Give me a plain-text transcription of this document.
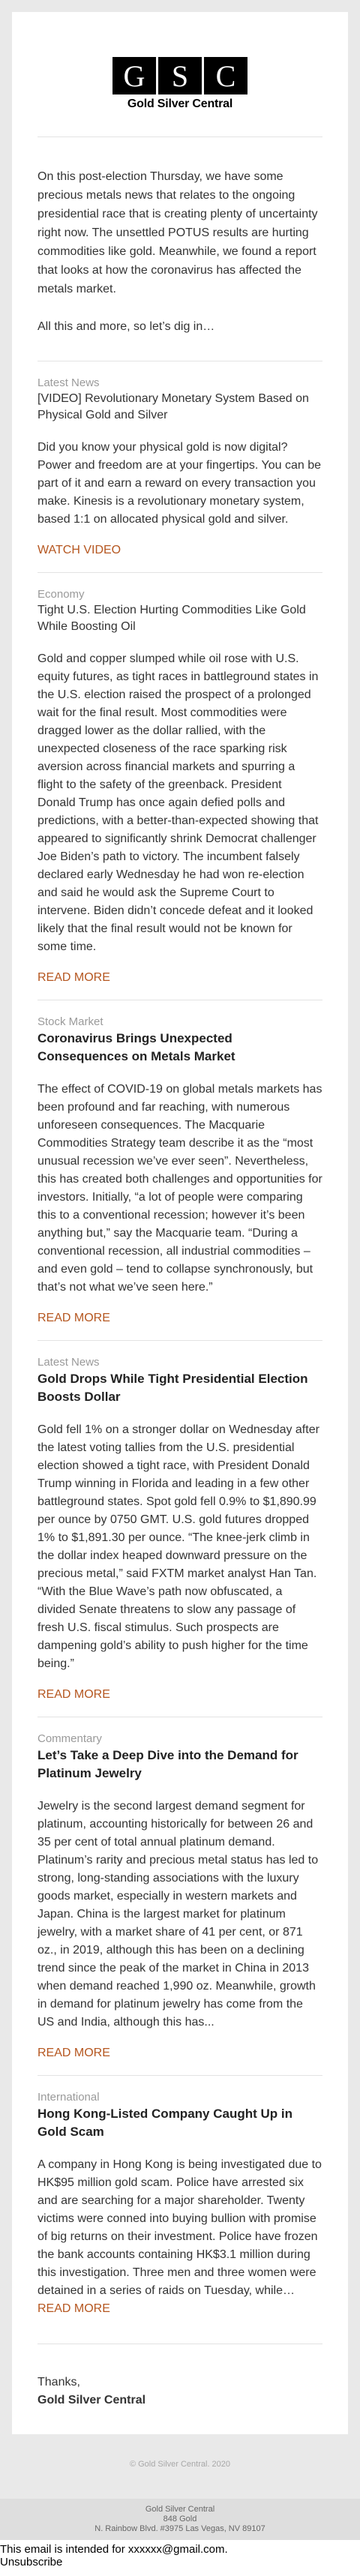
G S C
Gold Silver Central

On this post-election Thursday, we have some precious metals news that relates to the ongoing presidential race that is creating plenty of uncertainty right now. The unsettled POTUS results are hurting commodities like gold. Meanwhile, we found a report that looks at how the coronavirus has affected the metals market.

All this and more, so let’s dig in…

Latest News
[VIDEO] Revolutionary Monetary System Based on Physical Gold and Silver

Did you know your physical gold is now digital? Power and freedom are at your fingertips. You can be part of it and earn a reward on every transaction you make. Kinesis is a revolutionary monetary system, based 1:1 on allocated physical gold and silver.

WATCH VIDEO
Economy
Tight U.S. Election Hurting Commodities Like Gold While Boosting Oil

Gold and copper slumped while oil rose with U.S. equity futures, as tight races in battleground states in the U.S. election raised the prospect of a prolonged wait for the final result. Most commodities were dragged lower as the dollar rallied, with the unexpected closeness of the race sparking risk aversion across financial markets and spurring a flight to the safety of the greenback. President Donald Trump has once again defied polls and predictions, with a better-than-expected showing that appeared to significantly shrink Democrat challenger Joe Biden’s path to victory. The incumbent falsely declared early Wednesday he had won re-election and said he would ask the Supreme Court to intervene. Biden didn’t concede defeat and it looked likely that the final result would not be known for some time.

READ MORE
Stock Market
Coronavirus Brings Unexpected Consequences on Metals Market

The effect of COVID-19 on global metals markets has been profound and far reaching, with numerous unforeseen consequences. The Macquarie Commodities Strategy team describe it as the “most unusual recession we’ve ever seen”. Nevertheless, this has created both challenges and opportunities for investors. Initially, “a lot of people were comparing this to a conventional recession; however it’s been anything but,” say the Macquarie team. “During a conventional recession, all industrial commodities – and even gold – tend to collapse synchronously, but that’s not what we’ve seen here.”

READ MORE
Latest News
Gold Drops While Tight Presidential Election Boosts Dollar

Gold fell 1% on a stronger dollar on Wednesday after the latest voting tallies from the U.S. presidential election showed a tight race, with President Donald Trump winning in Florida and leading in a few other battleground states. Spot gold fell 0.9% to $1,890.99 per ounce by 0750 GMT. U.S. gold futures dropped 1% to $1,891.30 per ounce. “The knee-jerk climb in the dollar index heaped downward pressure on the precious metal,” said FXTM market analyst Han Tan. “With the Blue Wave’s path now obfuscated, a divided Senate threatens to slow any passage of fresh U.S. fiscal stimulus. Such prospects are dampening gold’s ability to push higher for the time being.”

READ MORE
Commentary
Let’s Take a Deep Dive into the Demand for Platinum Jewelry

Jewelry is the second largest demand segment for platinum, accounting historically for between 26 and 35 per cent of total annual platinum demand. Platinum’s rarity and precious metal status has led to strong, long-standing associations with the luxury goods market, especially in western markets and Japan. China is the largest market for platinum jewelry, with a market share of 41 per cent, or 871 oz., in 2019, although this has been on a declining trend since the peak of the market in China in 2013 when demand reached 1,990 oz. Meanwhile, growth in demand for platinum jewelry has come from the US and India, although this has...

READ MORE
International
Hong Kong-Listed Company Caught Up in Gold Scam

A company in Hong Kong is being investigated due to HK$95 million gold scam. Police have arrested six and are searching for a major shareholder. Twenty victims were conned into buying bullion with promise of big returns on their investment. Police have frozen the bank accounts containing HK$3.1 million during this investigation. Three men and three women were detained in a series of raids on Tuesday, while… READ MORE

Thanks,

Gold Silver Central

© Gold Silver Central. 2020
Gold Silver Central
848 Gold
N. Rainbow Blvd. #3975 Las Vegas, NV 89107
This email is intended for xxxxxx@gmail.com.
Unsubscribe
